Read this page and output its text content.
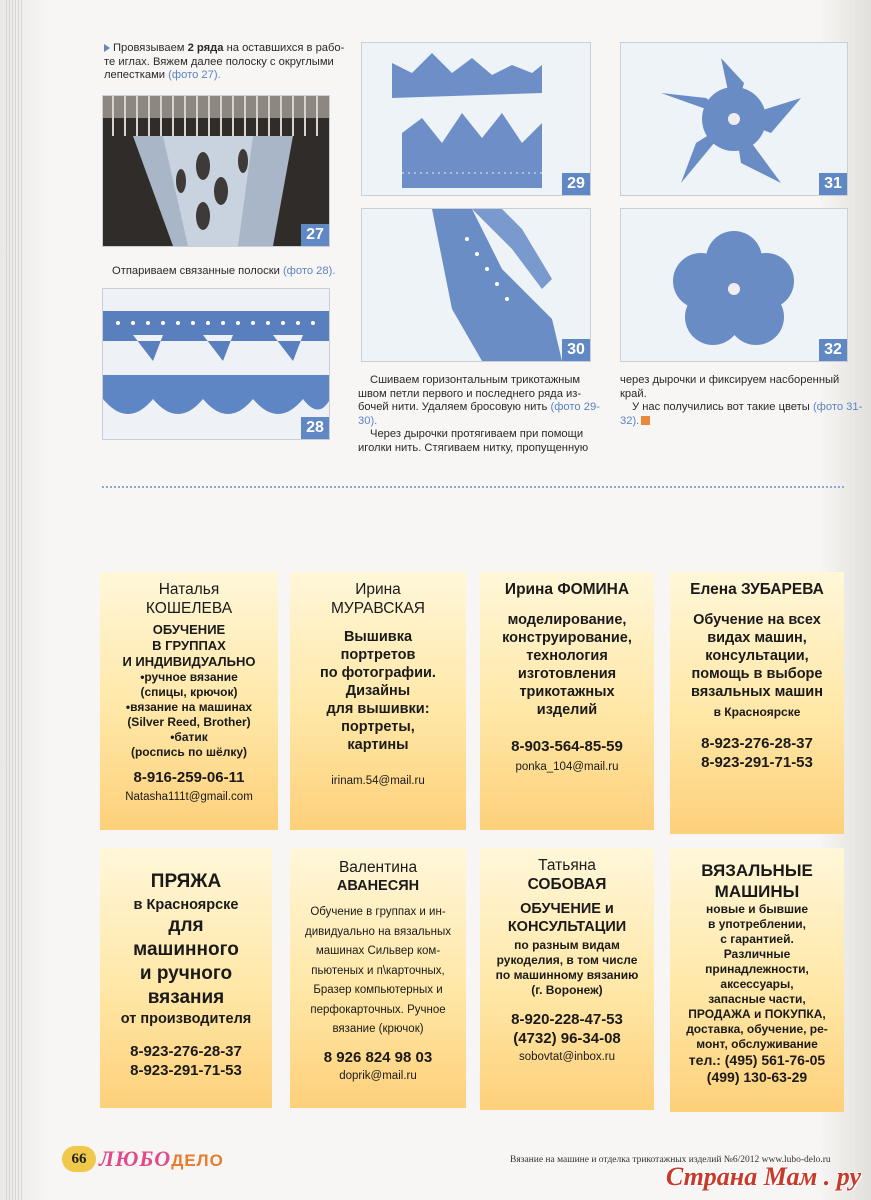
Провязываем 2 ряда на оставшихся в рабо-
те иглах. Вяжем далее полоску с округлыми
лепестками (фото 27).
27
Отпариваем связанные полоски (фото 28).
28
29
30
31
32
Сшиваем горизонтальным трикотажным
швом петли первого и последнего ряда из-
бочей нити. Удаляем бросовую нить (фото 29-
30).
Через дырочки протягиваем при помощи
иголки нить. Стягиваем нитку, пропущенную
через дырочки и фиксируем насборенный
край.
У нас получились вот такие цветы (фото 31-
32).
Наталья
КОШЕЛЕВА
ОБУЧЕНИЕ
В ГРУППАХ
И ИНДИВИДУАЛЬНО
•ручное вязание
(спицы, крючок)
•вязание на машинах
(Silver Reed, Brother)
•батик
(роспись по шёлку)
8-916-259-06-11
Natasha111t@gmail.com
Ирина
МУРАВСКАЯ
Вышивка
портретов
по фотографии.
Дизайны
для вышивки:
портреты,
картины
irinam.54@mail.ru
Ирина ФОМИНА
моделирование,
конструирование,
технология
изготовления
трикотажных
изделий
8-903-564-85-59
ponka_104@mail.ru
Елена ЗУБАРЕВА
Обучение на всех
видах машин,
консультации,
помощь в выборе
вязальных машин
в Красноярске
8-923-276-28-37
8-923-291-71-53
ПРЯЖА
в Красноярске
для
машинного
и ручного
вязания
от производителя
8-923-276-28-37
8-923-291-71-53
Валентина
АВАНЕСЯН
Обучение в группах и ин-
дивидуально на вязальных
машинах Сильвер ком-
пьютеных и п\карточных,
Бразер компьютерных и
перфокарточных. Ручное
вязание (крючок)
8 926 824 98 03
doprik@mail.ru
Татьяна
СОБОВАЯ
ОБУЧЕНИЕ и
КОНСУЛЬТАЦИИ
по разным видам
рукоделия, в том числе
по машинному вязанию
(г. Воронеж)
8-920-228-47-53
(4732) 96-34-08
sobovtat@inbox.ru
ВЯЗАЛЬНЫЕ
МАШИНЫ
новые и бывшие
в употреблении,
с гарантией.
Различные
принадлежности,
аксессуары,
запасные части,
ПРОДАЖА и ПОКУПКА,
доставка, обучение, ре-
монт, обслуживание
тел.: (495) 561-76-05
(499) 130-63-29
66 ЛЮБОДЕЛО	Вязание на машине и отделка трикотажных изделий №6/2012 www.lubo-delo.ru
Страна Мам . ру
